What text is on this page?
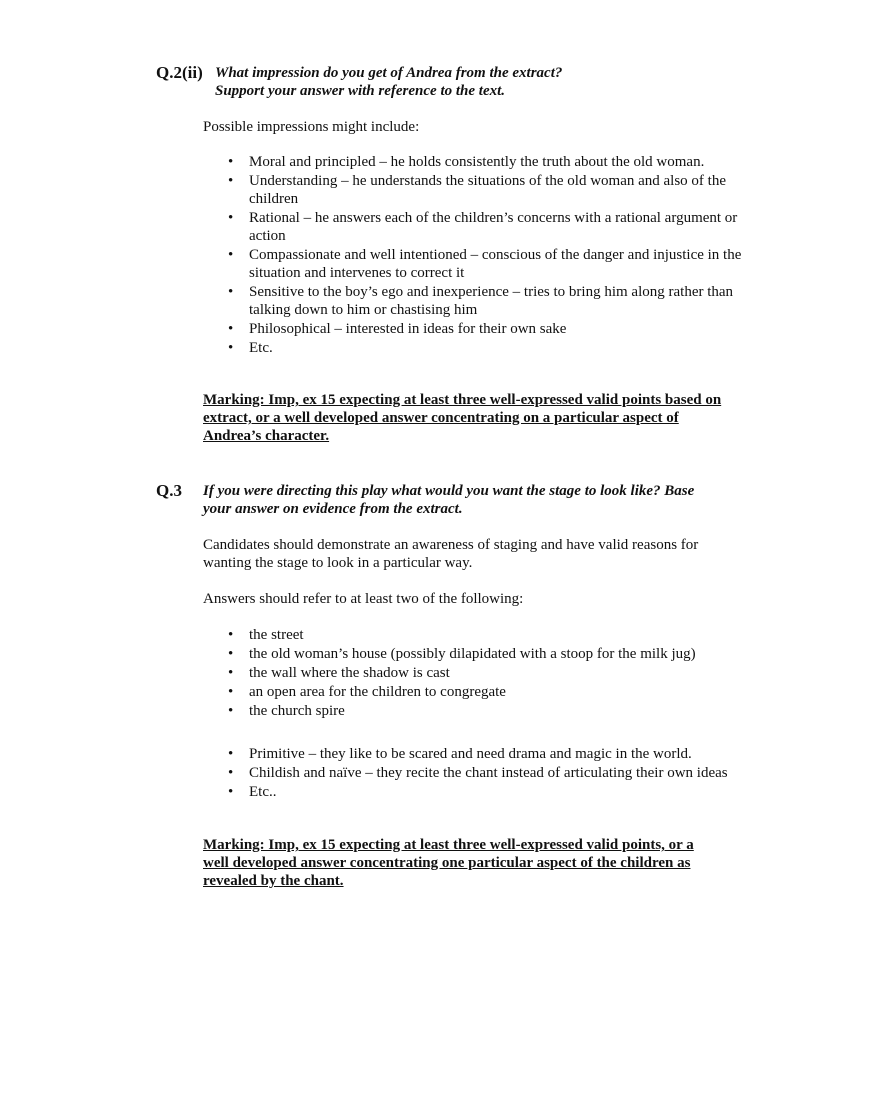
Q.2(ii) What impression do you get of Andrea from the extract?
Support your answer with reference to the text.
Possible impressions might include:
• Moral and principled – he holds consistently the truth about the old woman.
• Understanding – he understands the situations of the old woman and also of the children
• Rational – he answers each of the children’s concerns with a rational argument or action
• Compassionate and well intentioned – conscious of the danger and injustice in the situation and intervenes to correct it
• Sensitive to the boy’s ego and inexperience – tries to bring him along rather than talking down to him or chastising him
• Philosophical – interested in ideas for their own sake
• Etc.
Marking: Imp, ex 15 expecting at least three well-expressed valid points based on extract, or a well developed answer concentrating on a particular aspect of Andrea’s character.
Q.3 If you were directing this play what would you want the stage to look like? Base
your answer on evidence from the extract.
Candidates should demonstrate an awareness of staging and have valid reasons for wanting the stage to look in a particular way.
Answers should refer to at least two of the following:
• the street
• the old woman’s house (possibly dilapidated with a stoop for the milk jug)
• the wall where the shadow is cast
• an open area for the children to congregate
• the church spire
• Primitive – they like to be scared and need drama and magic in the world.
• Childish and naïve – they recite the chant instead of articulating their own ideas
• Etc..
Marking: Imp, ex 15 expecting at least three well-expressed valid points, or a well developed answer concentrating one particular aspect of the children as revealed by the chant.
